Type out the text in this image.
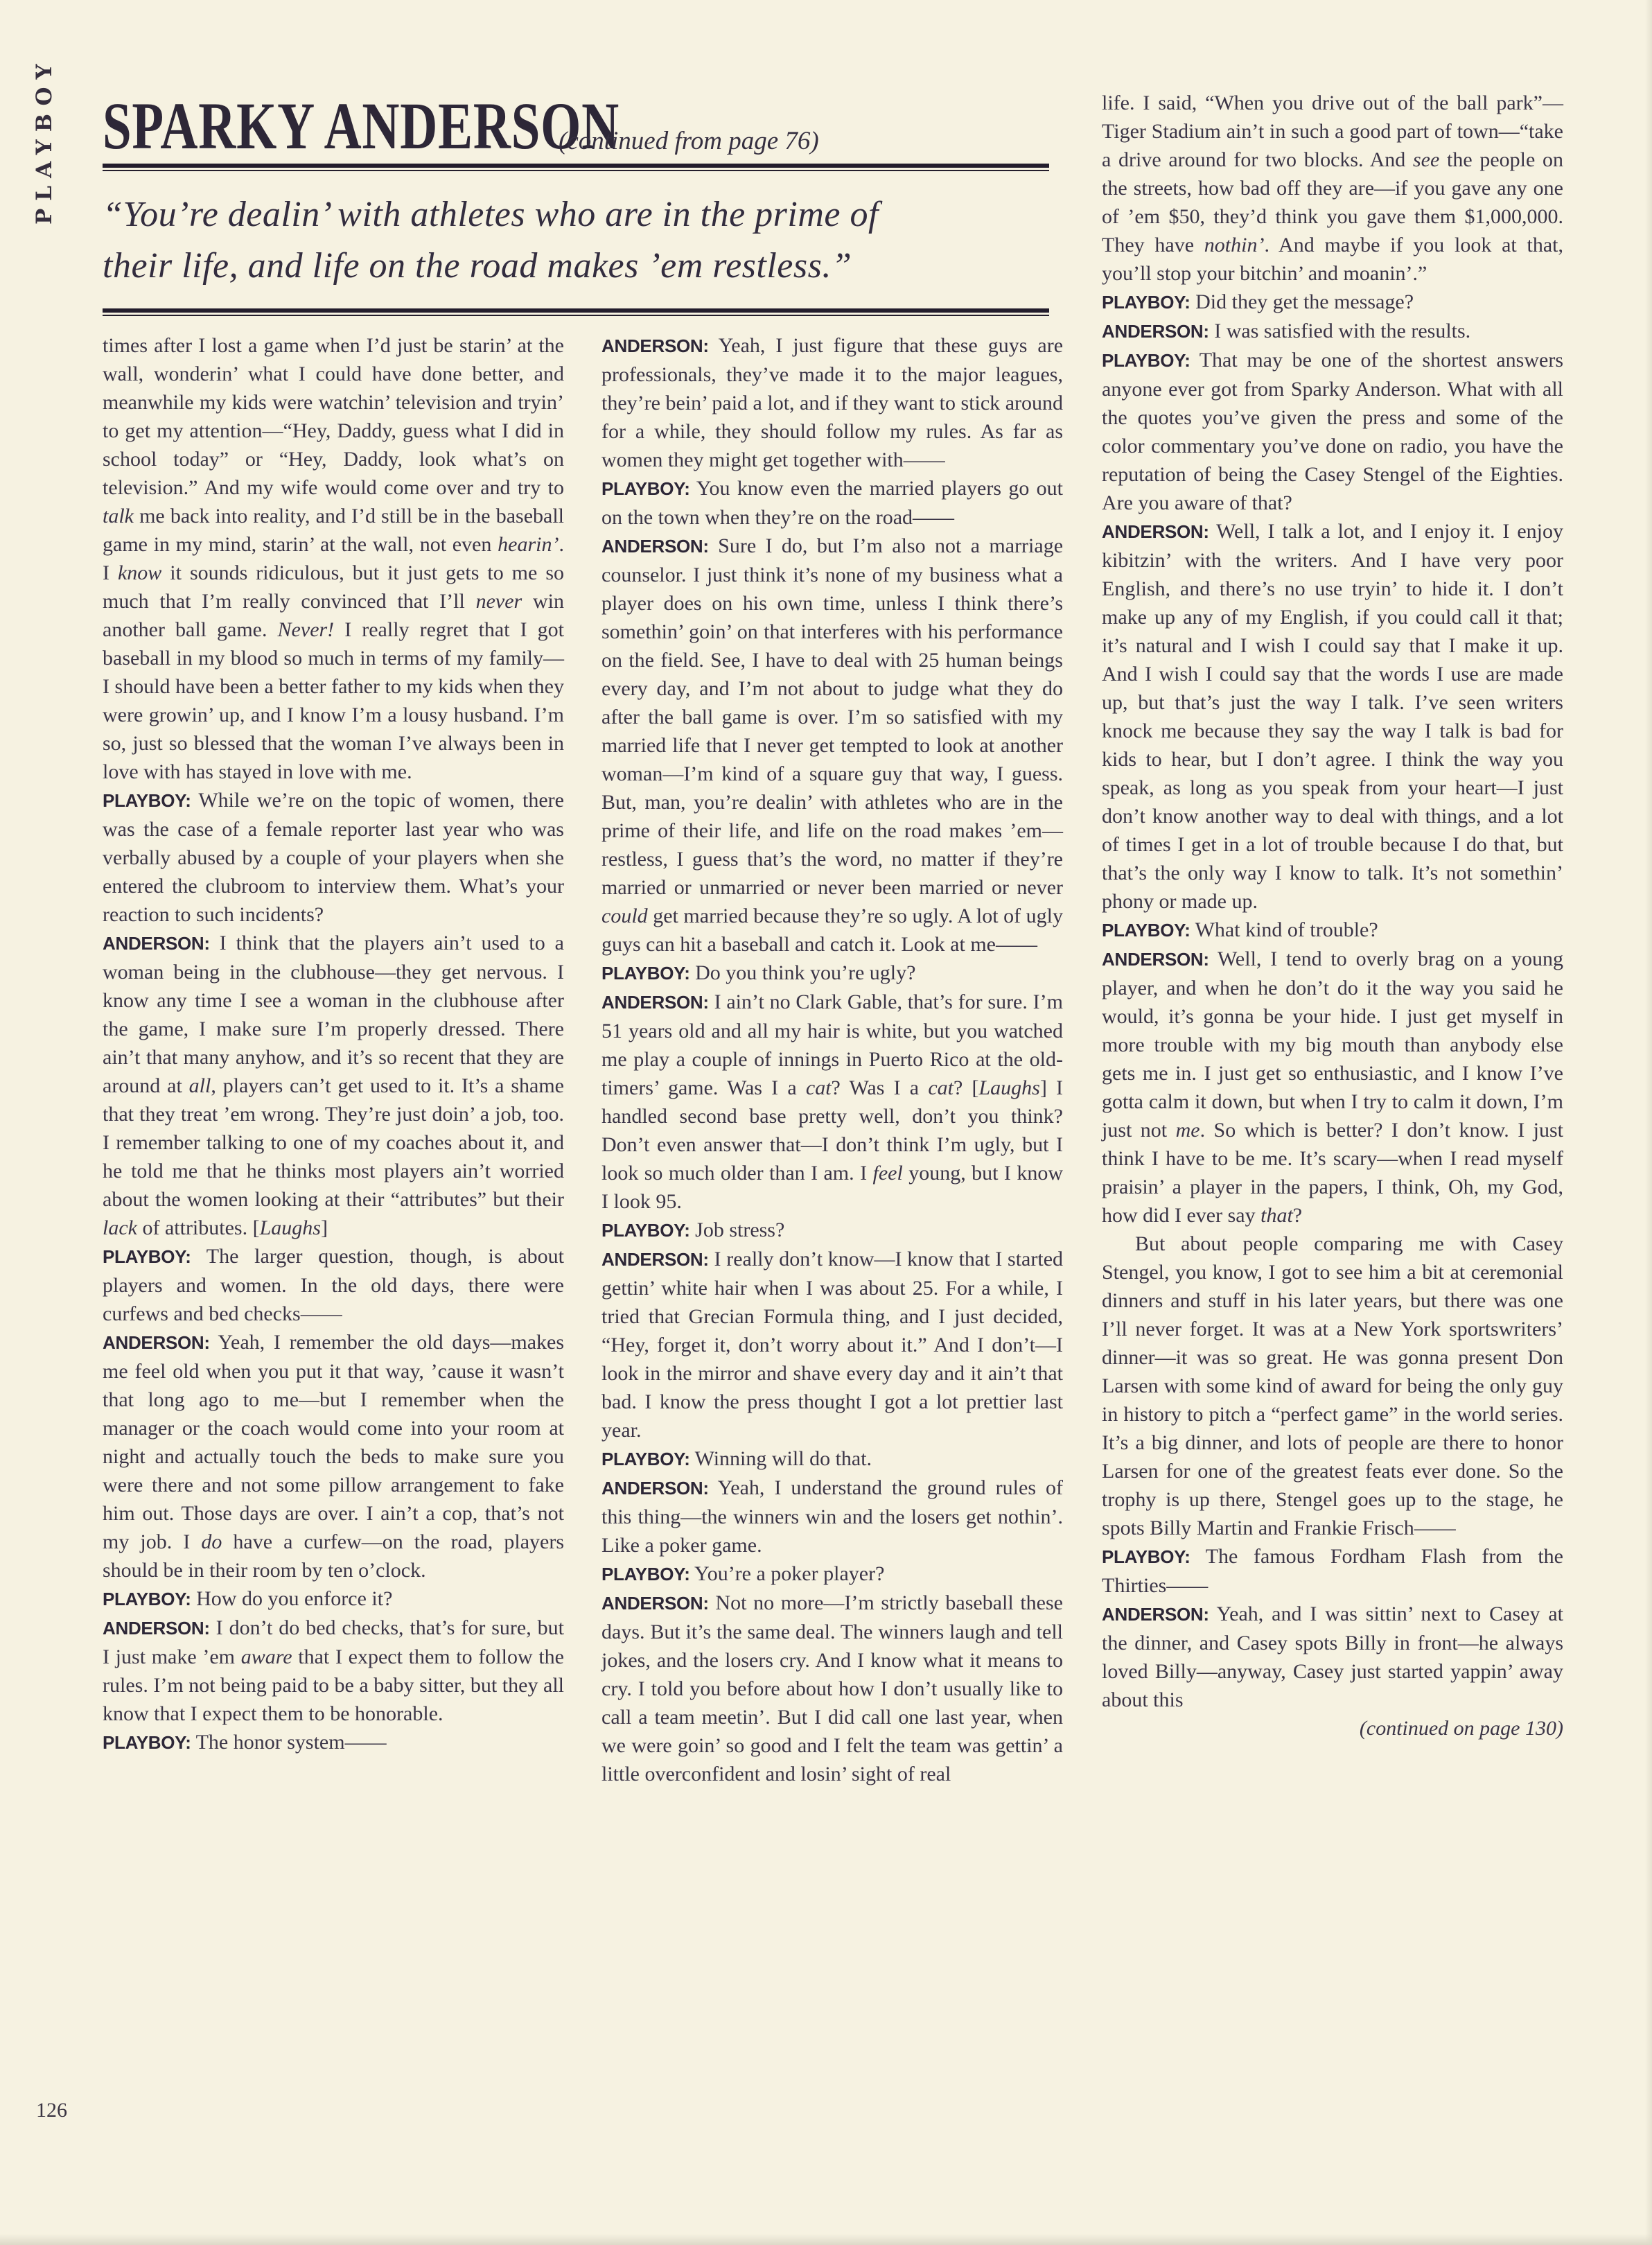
PLAYBOY SPARKY ANDERSON
(continued from page 76)
“You’re dealin’ with athletes who are in the prime of
their life, and life on the road makes ’em restless.”

times after I lost a game when I’d just be starin’ at the wall, wonderin’ what I could have done better, and meanwhile my kids were watchin’ television and tryin’ to get my attention—“Hey, Daddy, guess what I did in school today” or “Hey, Daddy, look what’s on television.” And my wife would come over and try to talk me back into reality, and I’d still be in the baseball game in my mind, starin’ at the wall, not even hearin’. I know it sounds ridiculous, but it just gets to me so much that I’m really convinced that I’ll never win another ball game. Never! I really regret that I got baseball in my blood so much in terms of my family—I should have been a better father to my kids when they were growin’ up, and I know I’m a lousy husband. I’m so, just so blessed that the woman I’ve always been in love with has stayed in love with me.

PLAYBOY: While we’re on the topic of women, there was the case of a female reporter last year who was verbally abused by a couple of your players when she entered the clubroom to interview them. What’s your reaction to such incidents?

ANDERSON: I think that the players ain’t used to a woman being in the clubhouse—they get nervous. I know any time I see a woman in the clubhouse after the game, I make sure I’m properly dressed. There ain’t that many anyhow, and it’s so recent that they are around at all, players can’t get used to it. It’s a shame that they treat ’em wrong. They’re just doin’ a job, too. I remember talking to one of my coaches about it, and he told me that he thinks most players ain’t worried about the women looking at their “attributes” but their lack of attributes. [Laughs]

PLAYBOY: The larger question, though, is about players and women. In the old days, there were curfews and bed checks——

ANDERSON: Yeah, I remember the old days—makes me feel old when you put it that way, ’cause it wasn’t that long ago to me—but I remember when the manager or the coach would come into your room at night and actually touch the beds to make sure you were there and not some pillow arrangement to fake him out. Those days are over. I ain’t a cop, that’s not my job. I do have a curfew—on the road, players should be in their room by ten o’clock.

PLAYBOY: How do you enforce it?

ANDERSON: I don’t do bed checks, that’s for sure, but I just make ’em aware that I expect them to follow the rules. I’m not being paid to be a baby sitter, but they all know that I expect them to be honorable.

PLAYBOY: The honor system——

ANDERSON: Yeah, I just figure that these guys are professionals, they’ve made it to the major leagues, they’re bein’ paid a lot, and if they want to stick around for a while, they should follow my rules. As far as women they might get together with——

PLAYBOY: You know even the married players go out on the town when they’re on the road——

ANDERSON: Sure I do, but I’m also not a marriage counselor. I just think it’s none of my business what a player does on his own time, unless I think there’s somethin’ goin’ on that interferes with his performance on the field. See, I have to deal with 25 human beings every day, and I’m not about to judge what they do after the ball game is over. I’m so satisfied with my married life that I never get tempted to look at another woman—I’m kind of a square guy that way, I guess. But, man, you’re dealin’ with athletes who are in the prime of their life, and life on the road makes ’em—restless, I guess that’s the word, no matter if they’re married or unmarried or never been married or never could get married because they’re so ugly. A lot of ugly guys can hit a baseball and catch it. Look at me——

PLAYBOY: Do you think you’re ugly?

ANDERSON: I ain’t no Clark Gable, that’s for sure. I’m 51 years old and all my hair is white, but you watched me play a couple of innings in Puerto Rico at the old-timers’ game. Was I a cat? Was I a cat? [Laughs] I handled second base pretty well, don’t you think? Don’t even answer that—I don’t think I’m ugly, but I look so much older than I am. I feel young, but I know I look 95.

PLAYBOY: Job stress?

ANDERSON: I really don’t know—I know that I started gettin’ white hair when I was about 25. For a while, I tried that Grecian Formula thing, and I just decided, “Hey, forget it, don’t worry about it.” And I don’t—I look in the mirror and shave every day and it ain’t that bad. I know the press thought I got a lot prettier last year.

PLAYBOY: Winning will do that.

ANDERSON: Yeah, I understand the ground rules of this thing—the winners win and the losers get nothin’. Like a poker game.

PLAYBOY: You’re a poker player?

ANDERSON: Not no more—I’m strictly baseball these days. But it’s the same deal. The winners laugh and tell jokes, and the losers cry. And I know what it means to cry. I told you before about how I don’t usually like to call a team meetin’. But I did call one last year, when we were goin’ so good and I felt the team was gettin’ a little overconfident and losin’ sight of real

life. I said, “When you drive out of the ball park”—Tiger Stadium ain’t in such a good part of town—“take a drive around for two blocks. And see the people on the streets, how bad off they are—if you gave any one of ’em $50, they’d think you gave them $1,000,000. They have nothin’. And maybe if you look at that, you’ll stop your bitchin’ and moanin’.”

PLAYBOY: Did they get the message?

ANDERSON: I was satisfied with the results.

PLAYBOY: That may be one of the shortest answers anyone ever got from Sparky Anderson. What with all the quotes you’ve given the press and some of the color commentary you’ve done on radio, you have the reputation of being the Casey Stengel of the Eighties. Are you aware of that?

ANDERSON: Well, I talk a lot, and I enjoy it. I enjoy kibitzin’ with the writers. And I have very poor English, and there’s no use tryin’ to hide it. I don’t make up any of my English, if you could call it that; it’s natural and I wish I could say that I make it up. And I wish I could say that the words I use are made up, but that’s just the way I talk. I’ve seen writers knock me because they say the way I talk is bad for kids to hear, but I don’t agree. I think the way you speak, as long as you speak from your heart—I just don’t know another way to deal with things, and a lot of times I get in a lot of trouble because I do that, but that’s the only way I know to talk. It’s not somethin’ phony or made up.

PLAYBOY: What kind of trouble?

ANDERSON: Well, I tend to overly brag on a young player, and when he don’t do it the way you said he would, it’s gonna be your hide. I just get myself in more trouble with my big mouth than anybody else gets me in. I just get so enthusiastic, and I know I’ve gotta calm it down, but when I try to calm it down, I’m just not me. So which is better? I don’t know. I just think I have to be me. It’s scary—when I read myself praisin’ a player in the papers, I think, Oh, my God, how did I ever say that?

But about people comparing me with Casey Stengel, you know, I got to see him a bit at ceremonial dinners and stuff in his later years, but there was one I’ll never forget. It was at a New York sportswriters’ dinner—it was so great. He was gonna present Don Larsen with some kind of award for being the only guy in history to pitch a “perfect game” in the world series. It’s a big dinner, and lots of people are there to honor Larsen for one of the greatest feats ever done. So the trophy is up there, Stengel goes up to the stage, he spots Billy Martin and Frankie Frisch——

PLAYBOY: The famous Fordham Flash from the Thirties——

ANDERSON: Yeah, and I was sittin’ next to Casey at the dinner, and Casey spots Billy in front—he always loved Billy—anyway, Casey just started yappin’ away about this

(continued on page 130)

126
